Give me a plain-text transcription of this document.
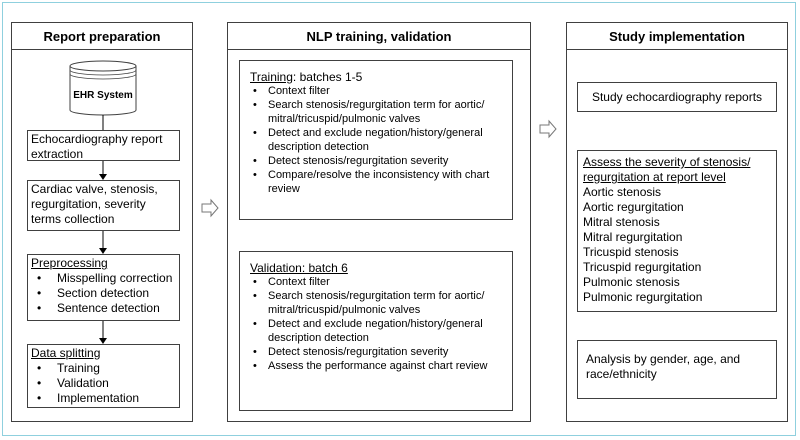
Report preparation
EHR System
Echocardiography report extraction
Cardiac valve, stenosis, regurgitation, severity terms collection
Preprocessing
• Misspelling correction
• Section detection
• Sentence detection
Data splitting
• Training
• Validation
• Implementation
NLP training, validation
Training: batches 1-5
• Context filter
• Search stenosis/regurgitation term for aortic/ mitral/tricuspid/pulmonic valves
• Detect and exclude negation/history/general description detection
• Detect stenosis/regurgitation severity
• Compare/resolve the inconsistency with chart review
Validation: batch 6
• Context filter
• Search stenosis/regurgitation term for aortic/ mitral/tricuspid/pulmonic valves
• Detect and exclude negation/history/general description detection
• Detect stenosis/regurgitation severity
• Assess the performance against chart review
Study implementation
Study echocardiography reports
Assess the severity of stenosis/ regurgitation at report level
Aortic stenosis
Aortic regurgitation
Mitral stenosis
Mitral regurgitation
Tricuspid stenosis
Tricuspid regurgitation
Pulmonic stenosis
Pulmonic regurgitation
Analysis by gender, age, and race/ethnicity
